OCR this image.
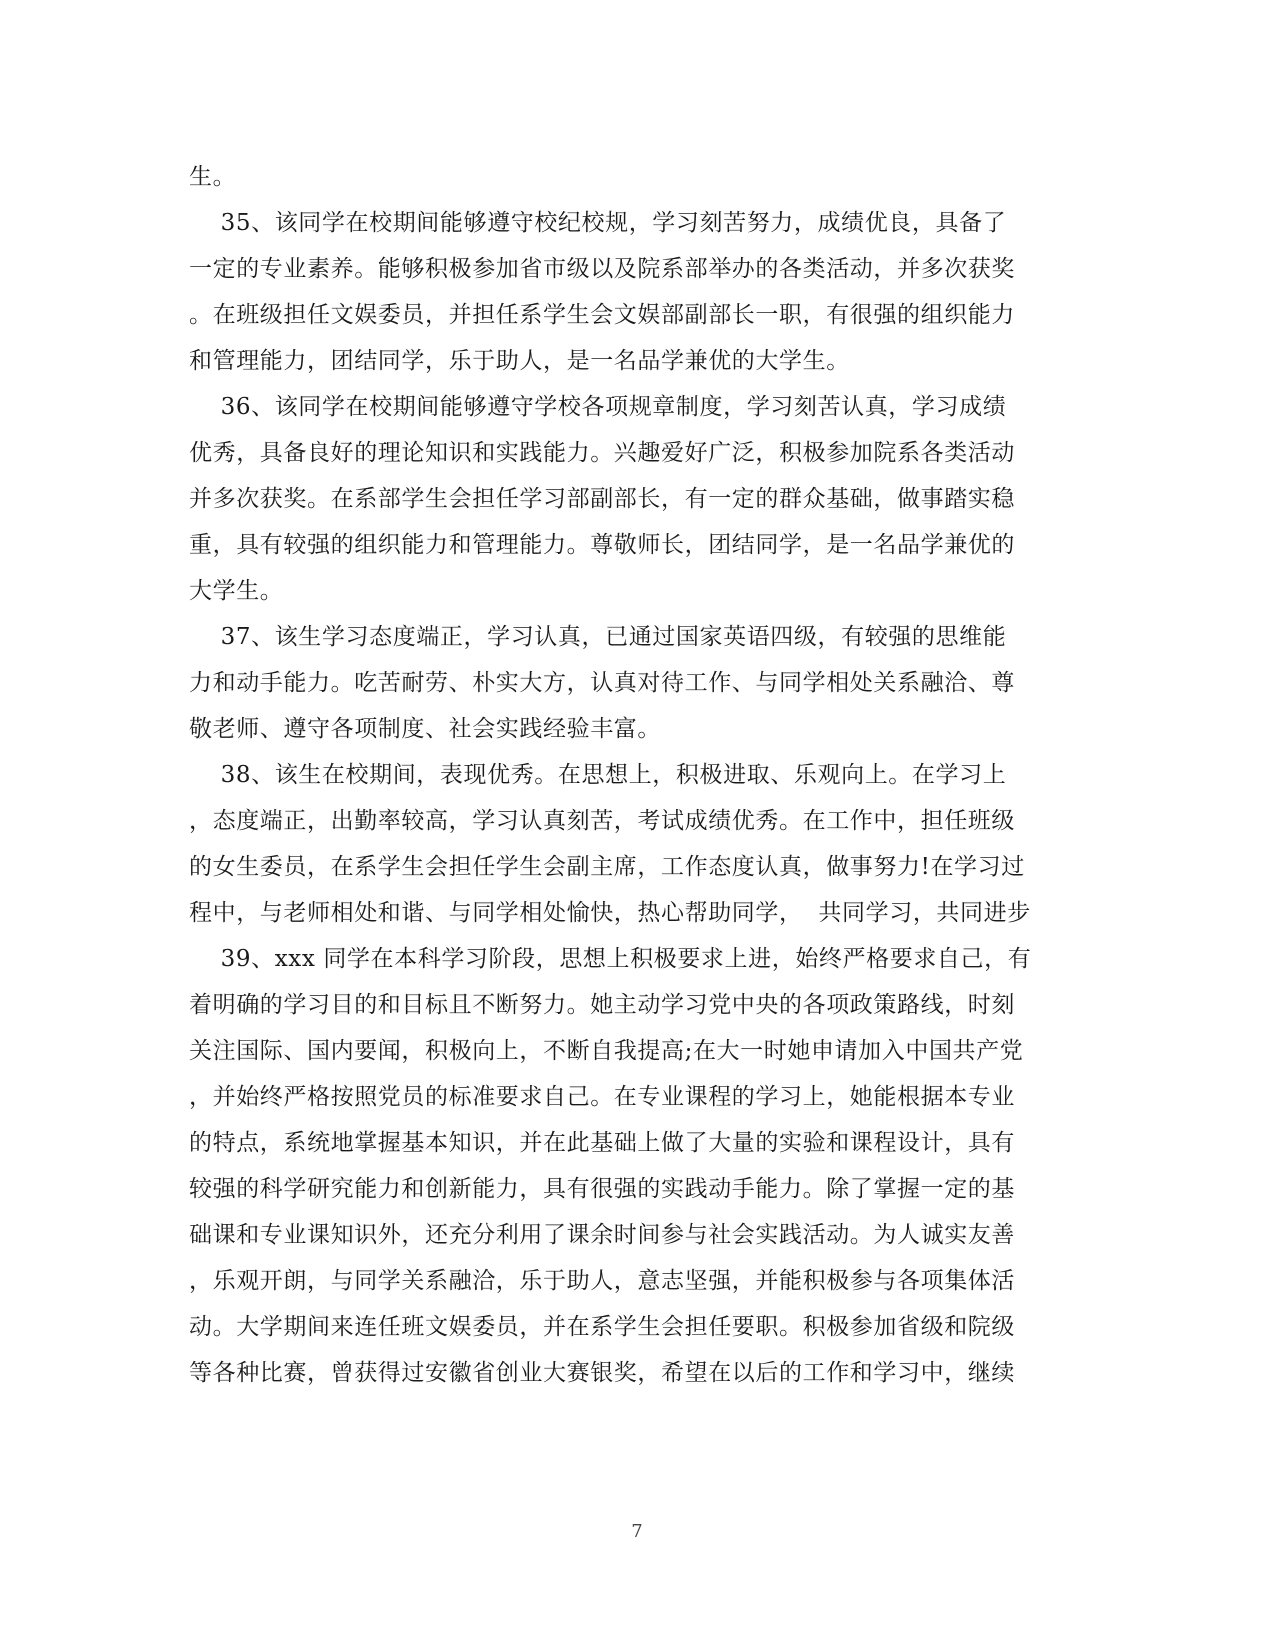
生。
35、该同学在校期间能够遵守校纪校规，学习刻苦努力，成绩优良，具备了
一定的专业素养。能够积极参加省市级以及院系部举办的各类活动，并多次获奖
。在班级担任文娱委员，并担任系学生会文娱部副部长一职，有很强的组织能力
和管理能力，团结同学，乐于助人，是一名品学兼优的大学生。
36、该同学在校期间能够遵守学校各项规章制度，学习刻苦认真，学习成绩
优秀，具备良好的理论知识和实践能力。兴趣爱好广泛，积极参加院系各类活动
并多次获奖。在系部学生会担任学习部副部长，有一定的群众基础，做事踏实稳
重，具有较强的组织能力和管理能力。尊敬师长，团结同学，是一名品学兼优的
大学生。
37、该生学习态度端正，学习认真，已通过国家英语四级，有较强的思维能
力和动手能力。吃苦耐劳、朴实大方，认真对待工作、与同学相处关系融洽、尊
敬老师、遵守各项制度、社会实践经验丰富。
38、该生在校期间，表现优秀。在思想上，积极进取、乐观向上。在学习上
，态度端正，出勤率较高，学习认真刻苦，考试成绩优秀。在工作中，担任班级
的女生委员，在系学生会担任学生会副主席，工作态度认真，做事努力!在学习过
程中，与老师相处和谐、与同学相处愉快，热心帮助同学，  共同学习，共同进步
39、xxx 同学在本科学习阶段，思想上积极要求上进，始终严格要求自己，有
着明确的学习目的和目标且不断努力。她主动学习党中央的各项政策路线，时刻
关注国际、国内要闻，积极向上，不断自我提高;在大一时她申请加入中国共产党
，并始终严格按照党员的标准要求自己。在专业课程的学习上，她能根据本专业
的特点，系统地掌握基本知识，并在此基础上做了大量的实验和课程设计，具有
较强的科学研究能力和创新能力，具有很强的实践动手能力。除了掌握一定的基
础课和专业课知识外，还充分利用了课余时间参与社会实践活动。为人诚实友善
，乐观开朗，与同学关系融洽，乐于助人，意志坚强，并能积极参与各项集体活
动。大学期间来连任班文娱委员，并在系学生会担任要职。积极参加省级和院级
等各种比赛，曾获得过安徽省创业大赛银奖，希望在以后的工作和学习中，继续
7
